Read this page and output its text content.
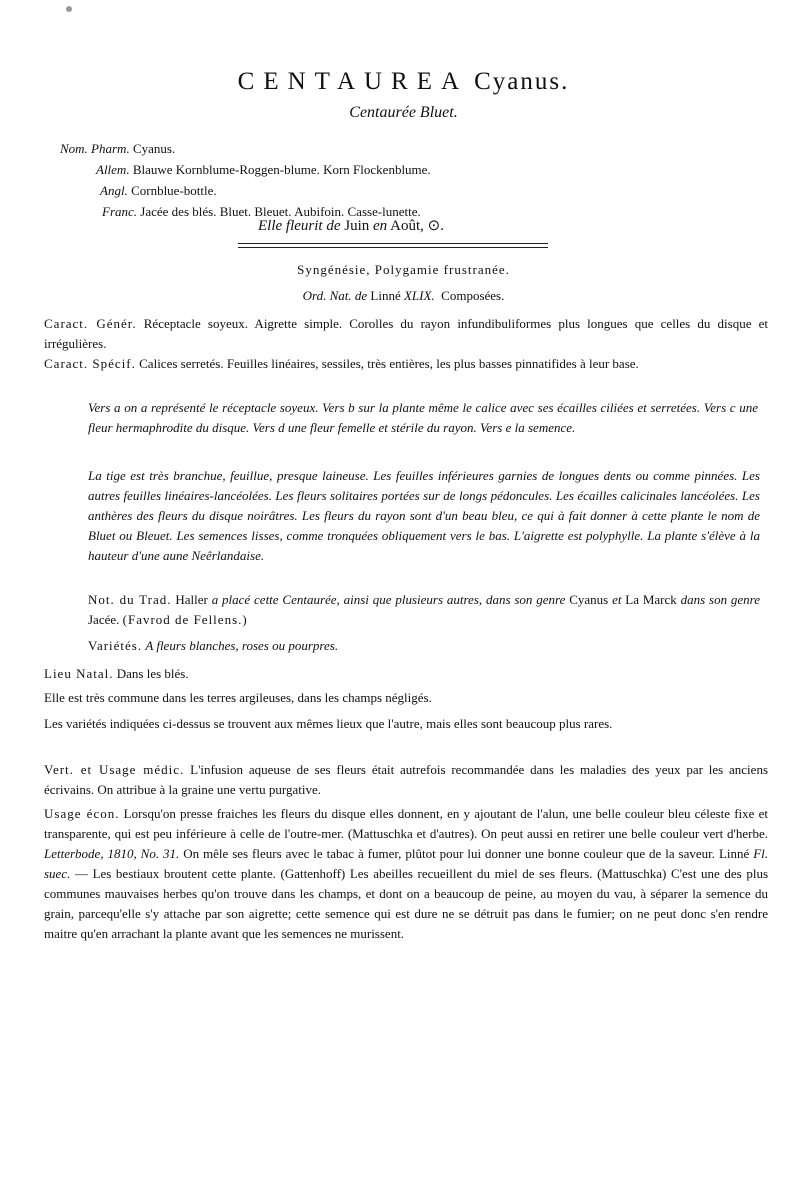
CENTAUREA Cyanus.
Centaurée Bluet.
Nom. Pharm. Cyanus.
Allem. Blauwe Kornblume-Roggen-blume. Korn Flockenblume.
Angl. Cornblue-bottle.
Franc. Jacée des blés. Bluet. Bleuet. Aubifoin. Casse-lunette.
Elle fleurit de Juin en Août, ⊙.
Syngénésie, Polygamie frustranée.
Ord. Nat. de Linné XLIX. Composées.
Caract. Génér. Réceptacle soyeux. Aigrette simple. Corolles du rayon infundibuliformes plus longues que celles du disque et irrégulières.
Caract. Spécif. Calices serretés. Feuilles linéaires, sessiles, très entières, les plus basses pinnatifides à leur base.
Vers a on a représenté le réceptacle soyeux. Vers b sur la plante même le calice avec ses écailles ciliées et serretées. Vers c une fleur hermaphrodite du disque. Vers d une fleur femelle et stérile du rayon. Vers e la semence.
La tige est très branchue, feuillue, presque laineuse. Les feuilles inférieures garnies de longues dents ou comme pinnées. Les autres feuilles linéaires-lancéolées. Les fleurs solitaires portées sur de longs pédoncules. Les écailles calicinales lancéolées. Les anthères des fleurs du disque noirâtres. Les fleurs du rayon sont d'un beau bleu, ce qui à fait donner à cette plante le nom de Bluet ou Bleuet. Les semences lisses, comme tronquées obliquement vers le bas. L'aigrette est polyphylle. La plante s'élève à la hauteur d'une aune Neêrlandaise.
Not. du Trad. Haller a placé cette Centaurée, ainsi que plusieurs autres, dans son genre Cyanus et La Marck dans son genre Jacée. (Favrod de Fellens.)
Variétés. A fleurs blanches, roses ou pourpres.
Lieu Natal. Dans les blés.
Elle est très commune dans les terres argileuses, dans les champs négligés.
Les variétés indiquées ci-dessus se trouvent aux mêmes lieux que l'autre, mais elles sont beaucoup plus rares.
Vert. et Usage médic. L'infusion aqueuse de ses fleurs était autrefois recommandée dans les maladies des yeux par les anciens écrivains. On attribue à la graine une vertu purgative.
Usage écon. Lorsqu'on presse fraiches les fleurs du disque elles donnent, en y ajoutant de l'alun, une belle couleur bleu céleste fixe et transparente, qui est peu inférieure à celle de l'outre-mer. (Mattuschka et d'autres). On peut aussi en retirer une belle couleur vert d'herbe. Letterbode, 1810, No. 31. On mêle ses fleurs avec le tabac à fumer, plûtot pour lui donner une bonne couleur que de la saveur. Linné Fl. suec. — Les bestiaux broutent cette plante. (Gattenhoff) Les abeilles recueillent du miel de ses fleurs. (Mattuschka) C'est une des plus communes mauvaises herbes qu'on trouve dans les champs, et dont on a beaucoup de peine, au moyen du vau, à séparer la semence du grain, parcequ'elle s'y attache par son aigrette; cette semence qui est dure ne se détruit pas dans le fumier; on ne peut donc s'en rendre maitre qu'en arrachant la plante avant que les semences ne murissent.
